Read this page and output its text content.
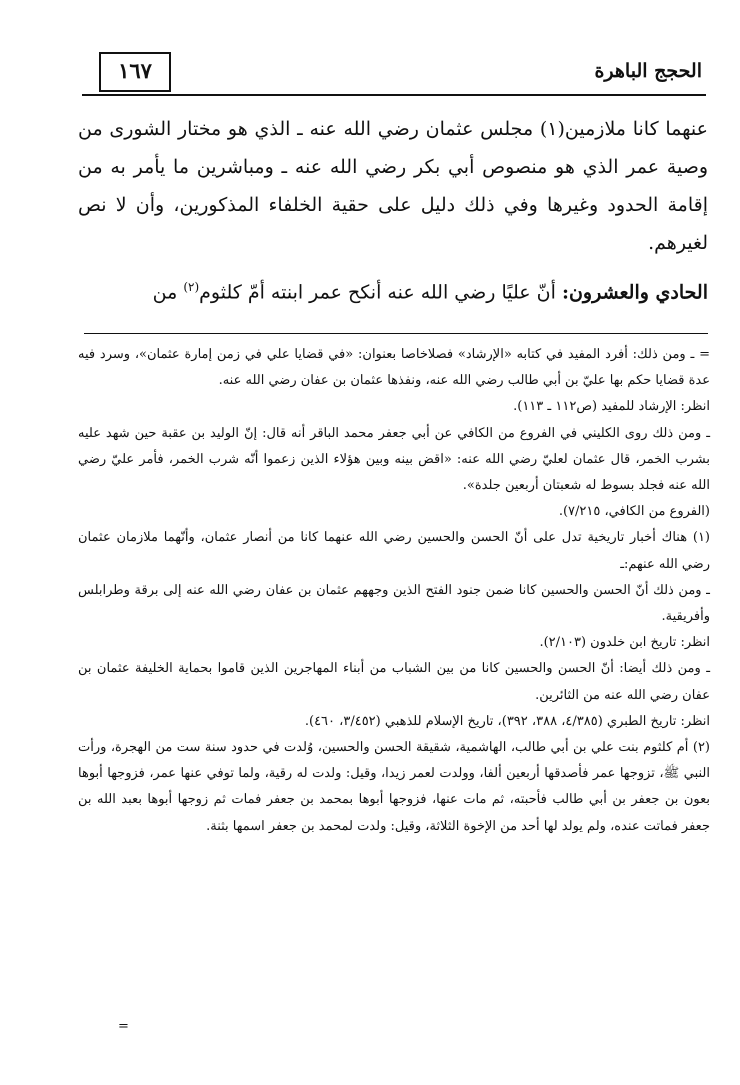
١٦٧	الحجج الباهرة

عنهما كانا ملازمين(١) مجلس عثمان رضي الله عنه ـ الذي هو مختار الشورى من وصية عمر الذي هو منصوص أبي بكر رضي الله عنه ـ ومباشرين ما يأمر به من إقامة الحدود وغيرها وفي ذلك دليل على حقية الخلفاء المذكورين، وأن لا نص لغيرهم.

الحادي والعشرون: أنّ عليًا رضي الله عنه أنكح عمر ابنته أمّ كلثوم$^{(٢)}$ من

= ـ ومن ذلك: أفرد المفيد في كتابه «الإرشاد» فصلاخاصا بعنوان: «في قضايا علي في زمن إمارة عثمان»، وسرد فيه عدة قضايا حكم بها عليّ بن أبي طالب رضي الله عنه، ونفذها عثمان بن عفان رضي الله عنه.

انظر: الإرشاد للمفيد (ص١١٢ ـ ١١٣).

ـ ومن ذلك روى الكليني في الفروع من الكافي عن أبي جعفر محمد الباقر أنه قال: إنّ الوليد بن عقبة حين شهد عليه بشرب الخمر، قال عثمان لعليّ رضي الله عنه: «اقض بينه وبين هؤلاء الذين زعموا أنّه شرب الخمر، فأمر عليّ رضي الله عنه فجلد بسوط له شعبتان أربعين جلدة».

(الفروع من الكافي، ٧/٢١٥).

(١) هناك أخبار تاريخية تدل على أنّ الحسن والحسين رضي الله عنهما كانا من أنصار عثمان، وأنّهما ملازمان عثمان رضي الله عنهم:ـ

ـ ومن ذلك أنّ الحسن والحسين كانا ضمن جنود الفتح الذين وجههم عثمان بن عفان رضي الله عنه إلى برقة وطرابلس وأفريقية.

انظر: تاريخ ابن خلدون (٢/١٠٣).

ـ ومن ذلك أيضا: أنّ الحسن والحسين كانا من بين الشباب من أبناء المهاجرين الذين قاموا بحماية الخليفة عثمان بن عفان رضي الله عنه من الثائرين.

انظر: تاريخ الطبري (٤/٣٨٥، ٣٨٨، ٣٩٢)، تاريخ الإسلام للذهبي (٣/٤٥٢، ٤٦٠).

(٢) أم كلثوم بنت علي بن أبي طالب، الهاشمية، شقيقة الحسن والحسين، وُلدت في حدود سنة ست من الهجرة، ورأت النبي ﷺ، تزوجها عمر فأصدقها أربعين ألفا، وولدت لعمر زيدا، وقيل: ولدت له رقية، ولما توفي عنها عمر، فزوجها أبوها بعون بن جعفر بن أبي طالب فأحبته، ثم مات عنها، فزوجها أبوها بمحمد بن جعفر فمات ثم زوجها أبوها بعبد الله بن جعفر فماتت عنده، ولم يولد لها أحد من الإخوة الثلاثة، وقيل: ولدت لمحمد بن جعفر اسمها بثنة.

=
